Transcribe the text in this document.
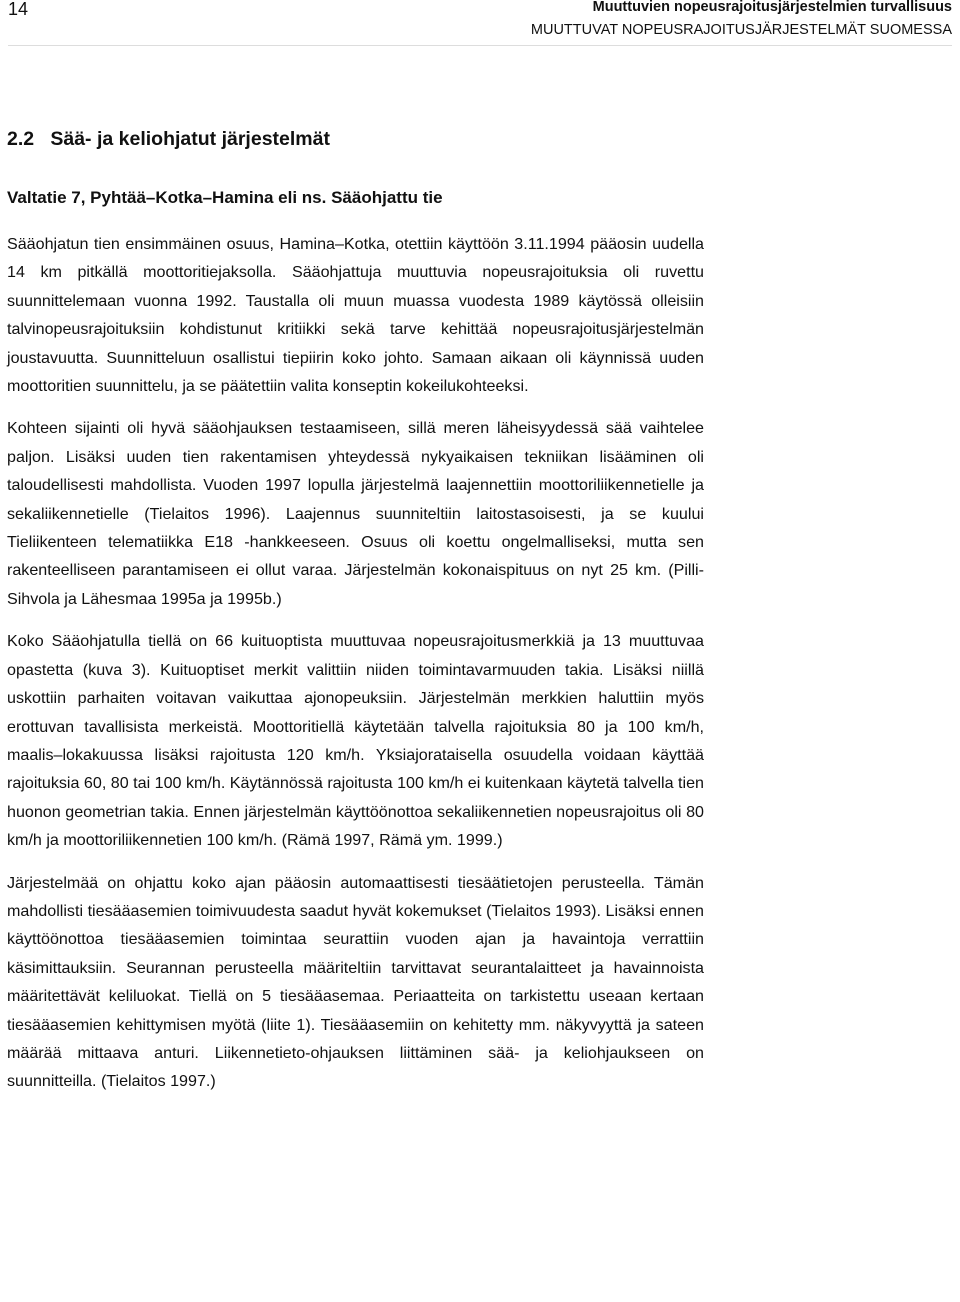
14	Muuttuvien nopeusrajoitusjärjestelmien turvallisuus
MUUTTUVAT NOPEUSRAJOITUSJÄRJESTELMÄT SUOMESSA
2.2   Sää- ja keliohjatut järjestelmät
Valtatie 7, Pyhtää–Kotka–Hamina eli ns. Sääohjattu tie

Sääohjatun tien ensimmäinen osuus, Hamina–Kotka, otettiin käyttöön 3.11.1994 pääosin uudella 14 km pitkällä moottoritiejaksolla. Sääohjattuja muuttuvia nopeusrajoituksia oli ruvettu suunnittelemaan vuonna 1992. Taustalla oli muun muassa vuodesta 1989 käytössä olleisiin talvinopeusrajoituksiin kohdistunut kritiikki sekä tarve kehittää nopeusrajoitusjärjestelmän joustavuutta. Suunnitteluun osallistui tiepiirin koko johto. Samaan aikaan oli käynnissä uuden moottoritien suunnittelu, ja se päätettiin valita konseptin kokeilukohteeksi.

Kohteen sijainti oli hyvä sääohjauksen testaamiseen, sillä meren läheisyydessä sää vaihtelee paljon. Lisäksi uuden tien rakentamisen yhteydessä nykyaikaisen tekniikan lisääminen oli taloudellisesti mahdollista. Vuoden 1997 lopulla järjestelmä laajennettiin moottoriliikennetielle ja sekaliikennetielle (Tielaitos 1996). Laajennus suunniteltiin laitostasoisesti, ja se kuului Tieliikenteen telematiikka E18 -hankkeeseen. Osuus oli koettu ongelmalliseksi, mutta sen rakenteelliseen parantamiseen ei ollut varaa. Järjestelmän kokonaispituus on nyt 25 km. (Pilli-Sihvola ja Lähesmaa 1995a ja 1995b.)

Koko Sääohjatulla tiellä on 66 kuituoptista muuttuvaa nopeusrajoitusmerkkiä ja 13 muuttuvaa opastetta (kuva 3). Kuituoptiset merkit valittiin niiden toimintavarmuuden takia. Lisäksi niillä uskottiin parhaiten voitavan vaikuttaa ajonopeuksiin. Järjestelmän merkkien haluttiin myös erottuvan tavallisista merkeistä. Moottoritiellä käytetään talvella rajoituksia 80 ja 100 km/h, maalis–lokakuussa lisäksi rajoitusta 120 km/h. Yksiajorataisella osuudella voidaan käyttää rajoituksia 60, 80 tai 100 km/h. Käytännössä rajoitusta 100 km/h ei kuitenkaan käytetä talvella tien huonon geometrian takia. Ennen järjestelmän käyttöönottoa sekaliikennetien nopeusrajoitus oli 80 km/h ja moottoriliikennetien 100 km/h. (Rämä 1997, Rämä ym. 1999.)

Järjestelmää on ohjattu koko ajan pääosin automaattisesti tiesäätietojen perusteella. Tämän mahdollisti tiesääasemien toimivuudesta saadut hyvät kokemukset (Tielaitos 1993). Lisäksi ennen käyttöönottoa tiesääasemien toimintaa seurattiin vuoden ajan ja havaintoja verrattiin käsimittauksiin. Seurannan perusteella määriteltiin tarvittavat seurantalaitteet ja havainnoista määritettävät keliluokat. Tiellä on 5 tiesääasemaa. Periaatteita on tarkistettu useaan kertaan tiesääasemien kehittymisen myötä (liite 1). Tiesääasemiin on kehitetty mm. näkyvyyttä ja sateen määrää mittaava anturi. Liikennetieto-ohjauksen liittäminen sää- ja keliohjaukseen on suunnitteilla. (Tielaitos 1997.)
